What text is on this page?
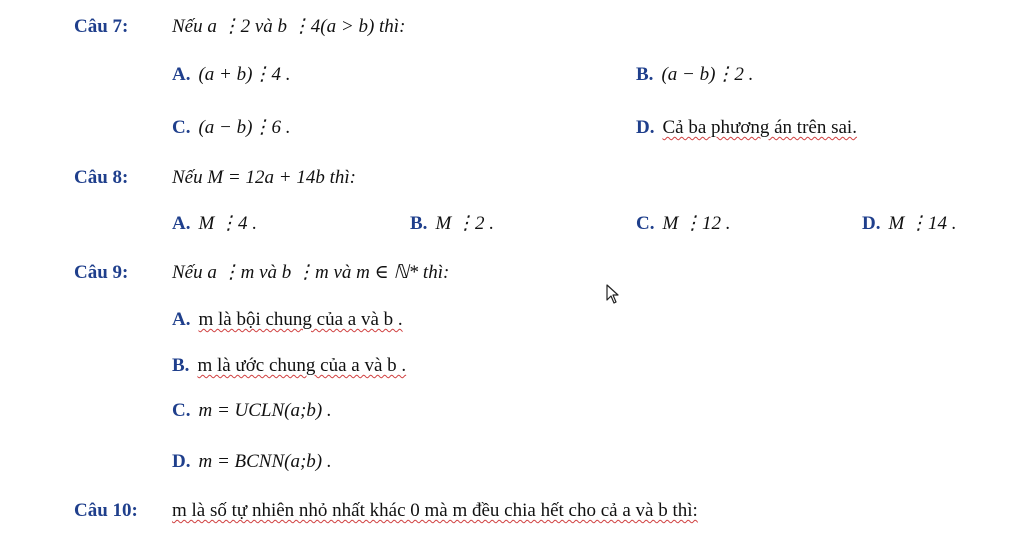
Câu 7: Nếu a ⋮2 và b ⋮4(a > b) thì:
A. (a + b)⋮4 .	B. (a − b)⋮2 .
C. (a − b)⋮6 .	D. Cả ba phương án trên sai.
Câu 8: Nếu M = 12a + 14b thì:
A. M ⋮4 .	B. M ⋮2 .	C. M ⋮12 .	D. M ⋮14 .
Câu 9: Nếu a ⋮m và b ⋮m và m ∈ ℕ* thì:
A. m là bội chung của a và b .
B. m là ước chung của a và b .
C. m = UCLN(a;b) .
D. m = BCNN(a;b) .
Câu 10: m là số tự nhiên nhỏ nhất khác 0 mà m đều chia hết cho cả a và b thì:
